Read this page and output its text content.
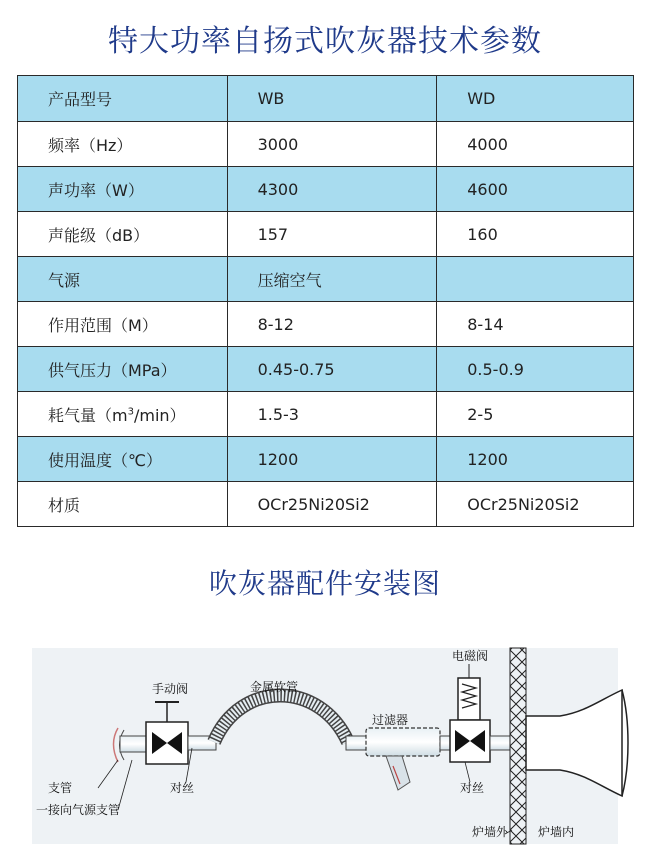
特大功率自扬式吹灰器技术参数
产品型号	WB	WD
频率（Hz）	3000	4000
声功率（W）	4300	4600
声能级（dB）	157	160
气源	压缩空气	
作用范围（M）	8-12	8-14
供气压力（MPa）	0.45-0.75	0.5-0.9
耗气量$(m^3/\min)$	1.5-3	2-5
使用温度（℃）	1200	1200
材质	OCr25Ni20Si2	OCr25Ni20Si2
吹灰器配件安装图
手动阀	金属软管
过滤器
电磁阀
支管
一接向气源支管
对丝	对丝
炉墙外 炉墙内
